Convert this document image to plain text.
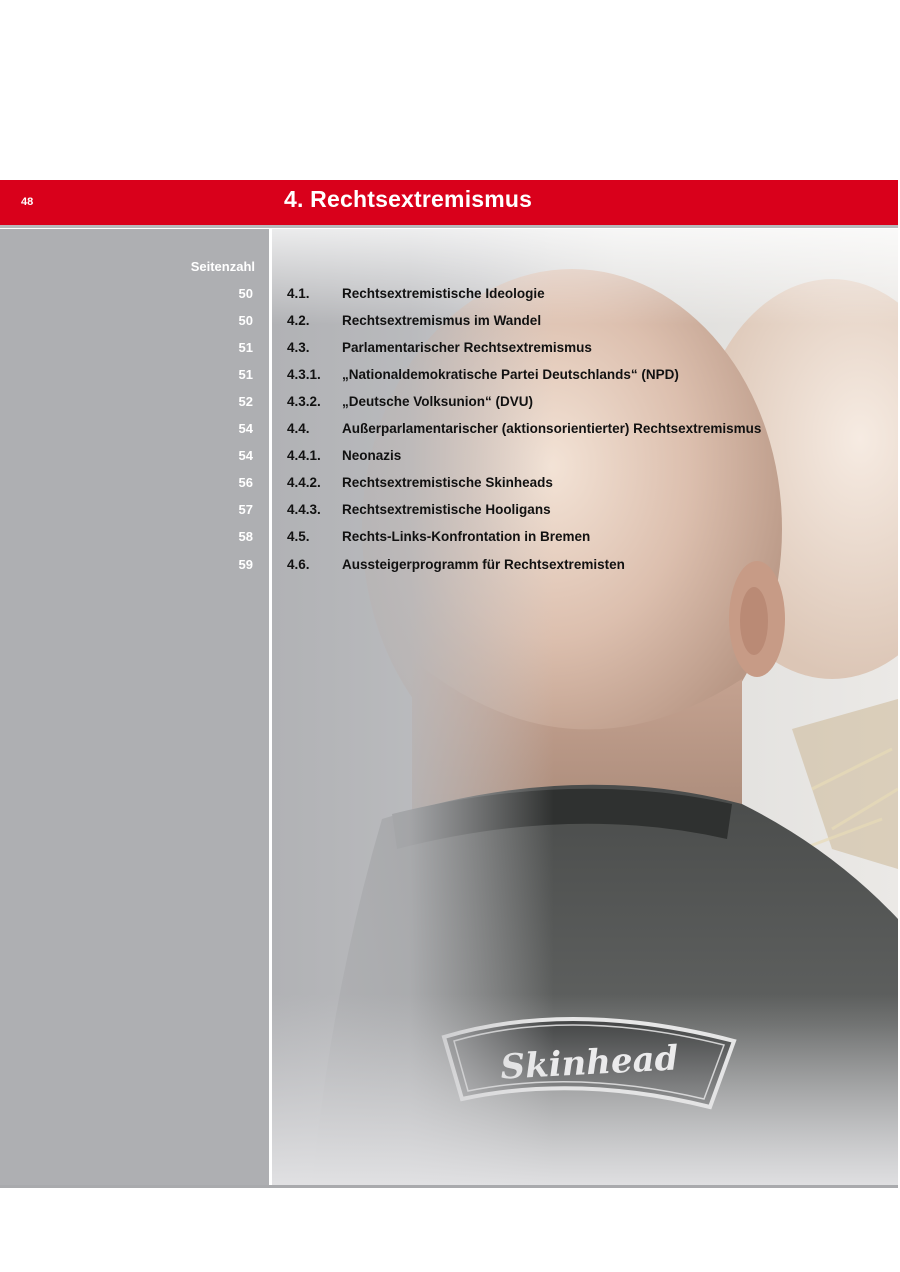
48	4. Rechtsextremismus
Seitenzahl
50	4.1. Rechtsextremistische Ideologie
50	4.2. Rechtsextremismus im Wandel
51	4.3. Parlamentarischer Rechtsextremismus
51	4.3.1. „Nationaldemokratische Partei Deutschlands“ (NPD)
52	4.3.2. „Deutsche Volksunion“ (DVU)
54	4.4. Außerparlamentarischer (aktionsorientierter) Rechtsextremismus
54	4.4.1. Neonazis
56	4.4.2. Rechtsextremistische Skinheads
57	4.4.3. Rechtsextremistische Hooligans
58	4.5. Rechts-Links-Konfrontation in Bremen
59	4.6. Aussteigerprogramm für Rechtsextremisten
